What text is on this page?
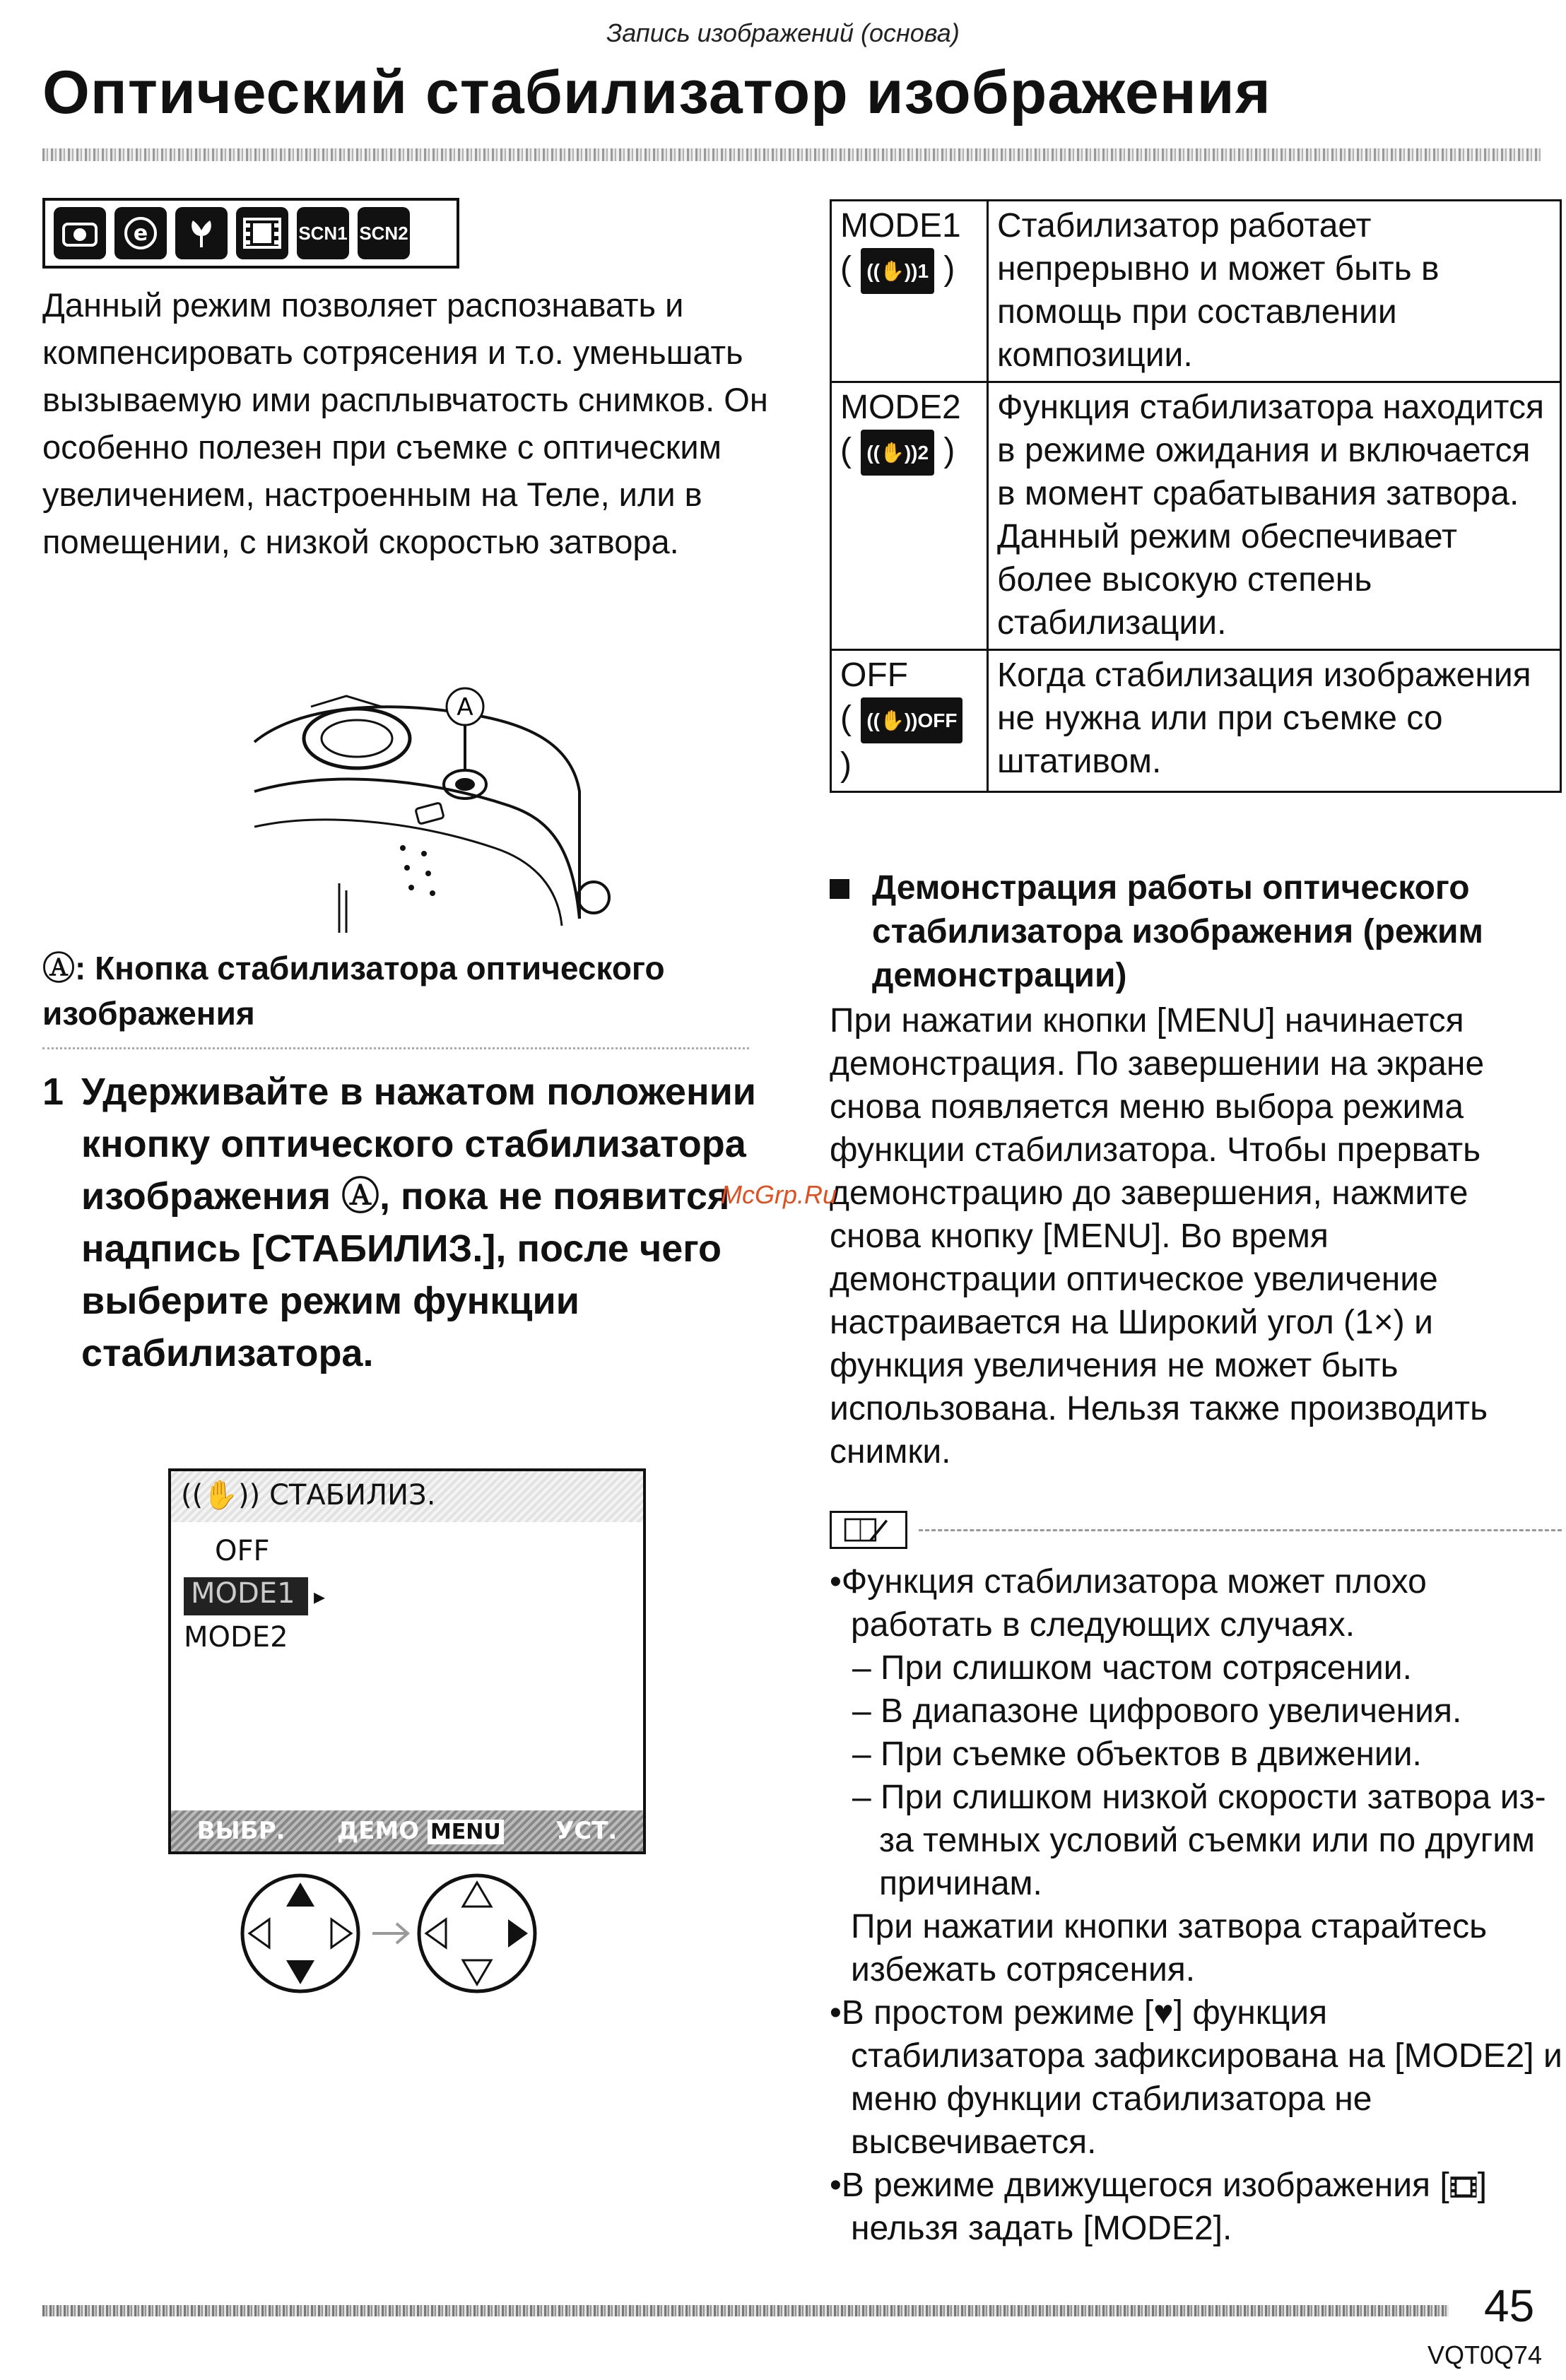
Запись изображений (основа)
Оптический стабилизатор изображения
e	SCN1 SCN2
Данный режим позволяет распознавать и компенсировать сотрясения и т.о. уменьшать вызываемую ими расплывчатость снимков. Он особенно полезен при съемке с оптическим увеличением, настроенным на Теле, или в помещении, с низкой скоростью затвора.
A
Ⓐ: Кнопка стабилизатора оптического изображения
1 Удерживайте в нажатом положении кнопку оптического стабилизатора изображения Ⓐ, пока не появится надпись [СТАБИЛИЗ.], после чего выберите режим функции стабилизатора.
((✋)) СТАБИЛИЗ.
OFF
MODE1 ▸
MODE2
ВЫБР. ДЕМО MENU УСТ.
MODE1
( ((✋))1 )	Стабилизатор работает непрерывно и может быть в помощь при составлении композиции.
MODE2
( ((✋))2 )	Функция стабилизатора находится в режиме ожидания и включается в момент срабатывания затвора. Данный режим обеспечивает более высокую степень стабилизации.
OFF
( ((✋))OFF )	Когда стабилизация изображения не нужна или при съемке со штативом.
Демонстрация работы оптического стабилизатора изображения (режим демонстрации)
При нажатии кнопки [MENU] начинается демонстрация. По завершении на экране снова появляется меню выбора режима функции стабилизатора. Чтобы прервать демонстрацию до завершения, нажмите снова кнопку [MENU]. Во время демонстрации оптическое увеличение настраивается на Широкий угол (1×) и функция увеличения не может быть использована. Нельзя также производить снимки.
•Функция стабилизатора может плохо работать в следующих случаях.
– При слишком частом сотрясении.
– В диапазоне цифрового увеличения.
– При съемке объектов в движении.
– При слишком низкой скорости затвора из-за темных условий съемки или по другим причинам.
При нажатии кнопки затвора старайтесь избежать сотрясения.
•В простом режиме [♥] функция стабилизатора зафиксирована на [MODE2] и меню функции стабилизатора не высвечивается.
•В режиме движущегося изображения [ ] нельзя задать [MODE2].
McGrp.Ru
45
VQT0Q74
